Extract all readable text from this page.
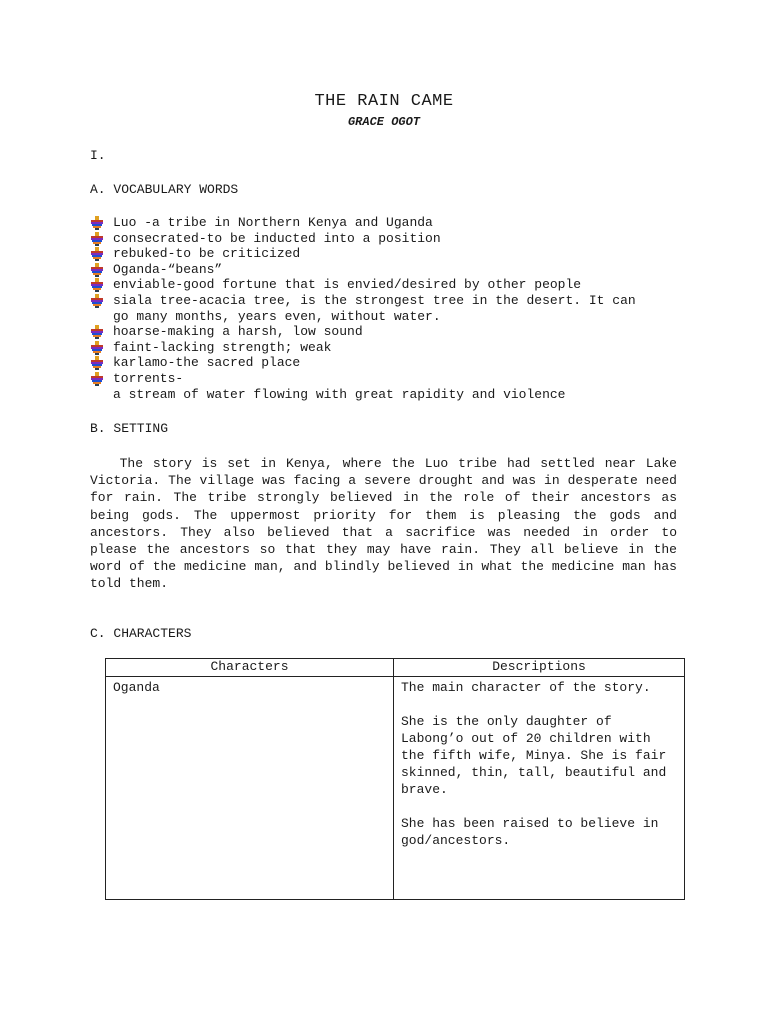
THE RAIN CAME
GRACE OGOT
I.
A. VOCABULARY WORDS
Luo -a tribe in Northern Kenya and Uganda
consecrated-to be inducted into a position
rebuked-to be criticized
Oganda-“beans”
enviable-good fortune that is envied/desired by other people
siala tree-acacia tree, is the strongest tree in the desert. It can
go many months, years even, without water.
hoarse-making a harsh, low sound
faint-lacking strength; weak
karlamo-the sacred place
torrents-
a stream of water flowing with great rapidity and violence
B. SETTING

The story is set in Kenya, where the Luo tribe had settled near Lake Victoria. The village was facing a severe drought and was in desperate need for rain. The tribe strongly believed in the role of their ancestors as being gods. The uppermost priority for them is pleasing the gods and ancestors. They also believed that a sacrifice was needed in order to please the ancestors so that they may have rain. They all believe in the word of the medicine man, and blindly believed in what the medicine man has told them.

C. CHARACTERS
Characters	Descriptions
Oganda	The main character of the story.

She is the only daughter of Labong’o out of 20 children with the fifth wife, Minya. She is fair skinned, thin, tall, beautiful and brave.

She has been raised to believe in god/ancestors.
